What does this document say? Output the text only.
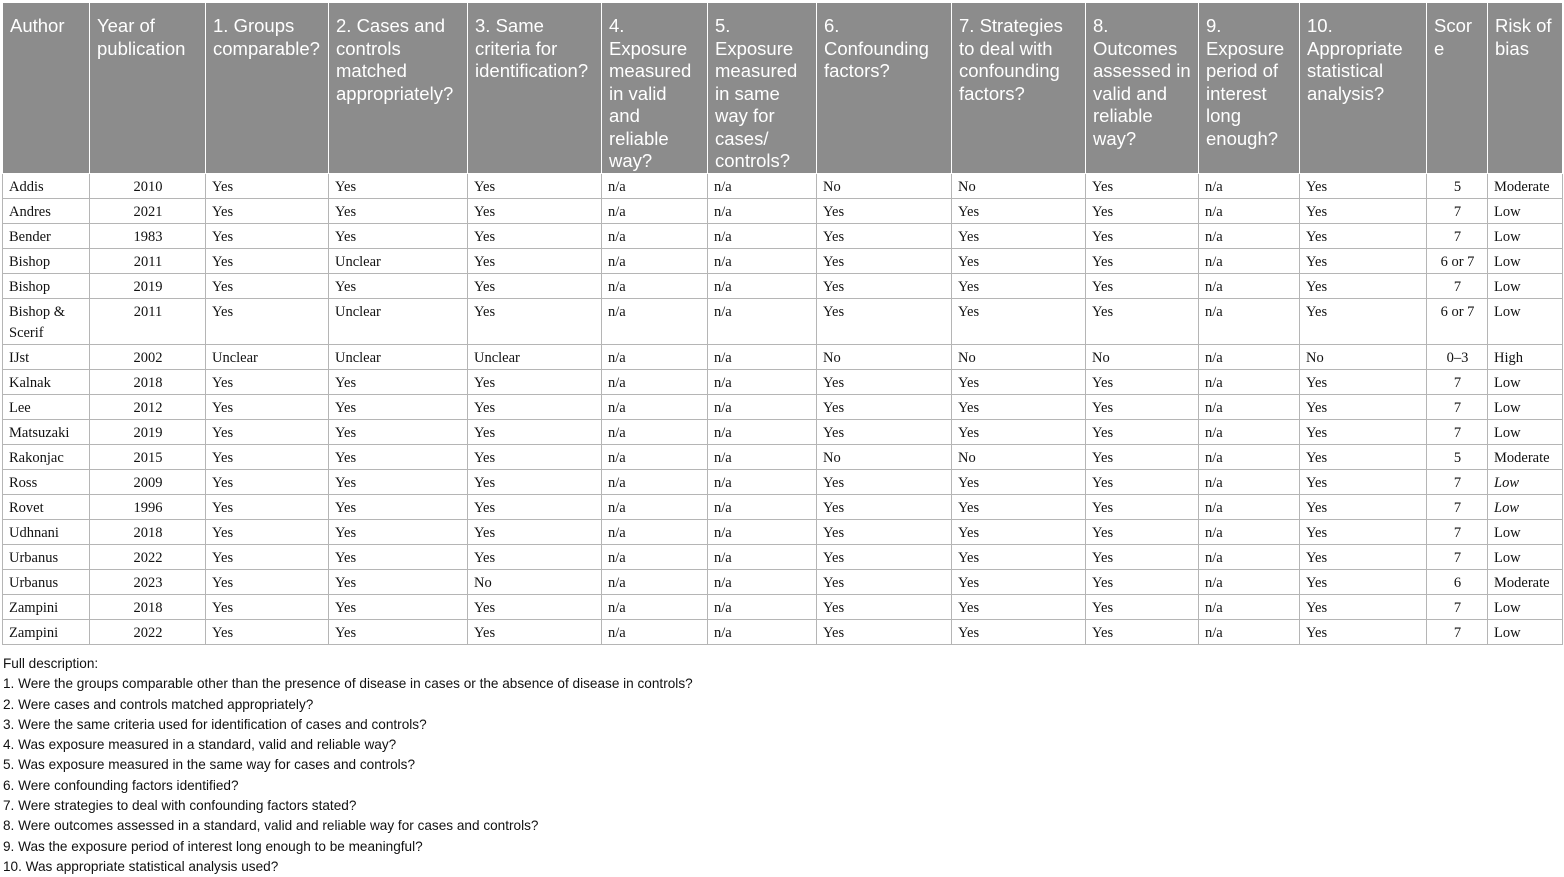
Author	Year of publication	1. Groups comparable?	2. Cases and controls matched appropriately?	3. Same criteria for identification?	4. Exposure measured in valid and reliable way?	5. Exposure measured in same way for cases/ controls?	6. Confounding factors?	7. Strategies to deal with confounding factors?	8. Outcomes assessed in valid and reliable way?	9. Exposure period of interest long enough?	10. Appropriate statistical analysis?	Score	Risk of bias
Addis	2010	Yes	Yes	Yes	n/a	n/a	No	No	Yes	n/a	Yes	5	Moderate
Andres	2021	Yes	Yes	Yes	n/a	n/a	Yes	Yes	Yes	n/a	Yes	7	Low
Bender	1983	Yes	Yes	Yes	n/a	n/a	Yes	Yes	Yes	n/a	Yes	7	Low
Bishop	2011	Yes	Unclear	Yes	n/a	n/a	Yes	Yes	Yes	n/a	Yes	6 or 7	Low
Bishop	2019	Yes	Yes	Yes	n/a	n/a	Yes	Yes	Yes	n/a	Yes	7	Low
Bishop & Scerif	2011	Yes	Unclear	Yes	n/a	n/a	Yes	Yes	Yes	n/a	Yes	6 or 7	Low
IJst	2002	Unclear	Unclear	Unclear	n/a	n/a	No	No	No	n/a	No	0–3	High
Kalnak	2018	Yes	Yes	Yes	n/a	n/a	Yes	Yes	Yes	n/a	Yes	7	Low
Lee	2012	Yes	Yes	Yes	n/a	n/a	Yes	Yes	Yes	n/a	Yes	7	Low
Matsuzaki	2019	Yes	Yes	Yes	n/a	n/a	Yes	Yes	Yes	n/a	Yes	7	Low
Rakonjac	2015	Yes	Yes	Yes	n/a	n/a	No	No	Yes	n/a	Yes	5	Moderate
Ross	2009	Yes	Yes	Yes	n/a	n/a	Yes	Yes	Yes	n/a	Yes	7	Low
Rovet	1996	Yes	Yes	Yes	n/a	n/a	Yes	Yes	Yes	n/a	Yes	7	Low
Udhnani	2018	Yes	Yes	Yes	n/a	n/a	Yes	Yes	Yes	n/a	Yes	7	Low
Urbanus	2022	Yes	Yes	Yes	n/a	n/a	Yes	Yes	Yes	n/a	Yes	7	Low
Urbanus	2023	Yes	Yes	No	n/a	n/a	Yes	Yes	Yes	n/a	Yes	6	Moderate
Zampini	2018	Yes	Yes	Yes	n/a	n/a	Yes	Yes	Yes	n/a	Yes	7	Low
Zampini	2022	Yes	Yes	Yes	n/a	n/a	Yes	Yes	Yes	n/a	Yes	7	Low
Full description:
1. Were the groups comparable other than the presence of disease in cases or the absence of disease in controls?
2. Were cases and controls matched appropriately?
3. Were the same criteria used for identification of cases and controls?
4. Was exposure measured in a standard, valid and reliable way?
5. Was exposure measured in the same way for cases and controls?
6. Were confounding factors identified?
7. Were strategies to deal with confounding factors stated?
8. Were outcomes assessed in a standard, valid and reliable way for cases and controls?
9. Was the exposure period of interest long enough to be meaningful?
10. Was appropriate statistical analysis used?
